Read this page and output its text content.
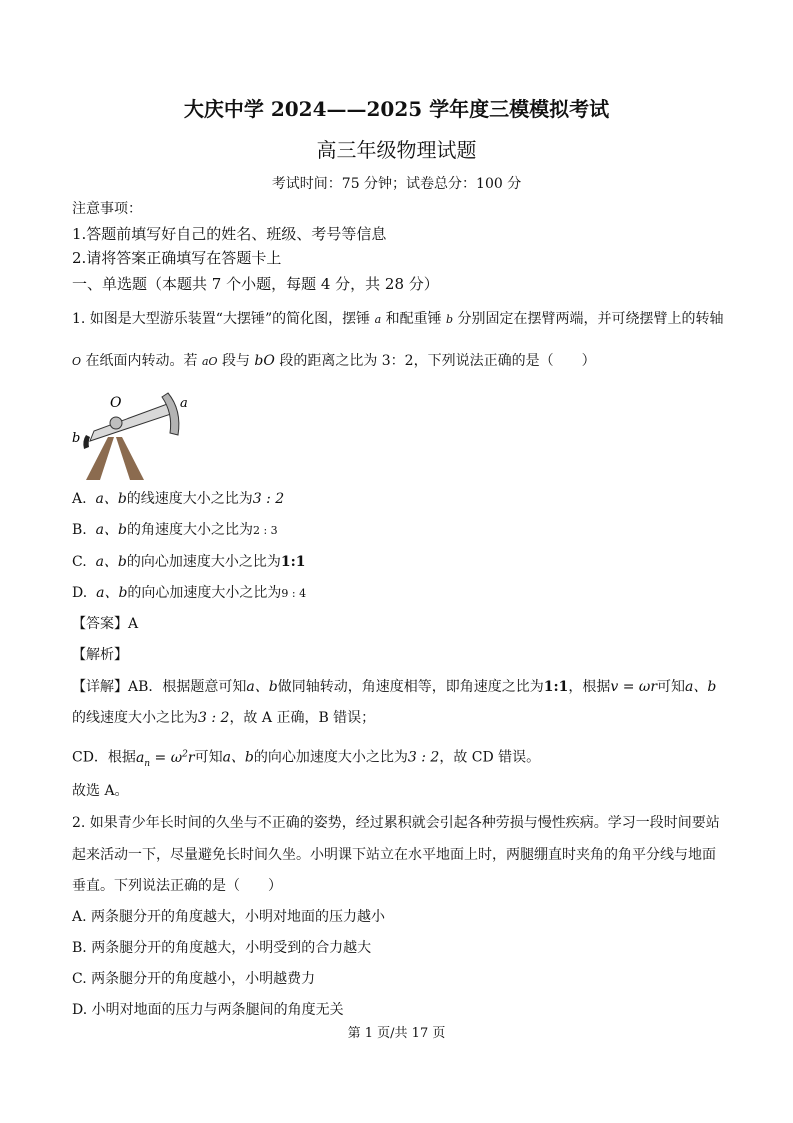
大庆中学 2024——2025 学年度三模模拟考试
高三年级物理试题
考试时间：75 分钟；试卷总分：100 分
注意事项：
1.答题前填写好自己的姓名、班级、考号等信息
2.请将答案正确填写在答题卡上
一、单选题（本题共 7 个小题，每题 4 分，共 28 分）
1. 如图是大型游乐装置“大摆锤”的简化图，摆锤 a 和配重锤 b 分别固定在摆臂两端，并可绕摆臂上的转轴
O 在纸面内转动。若 aO 段与 bO 段的距离之比为 3：2，下列说法正确的是（　　）
O	a
b
A. a、b的线速度大小之比为3 : 2
B. a、b的角速度大小之比为2 : 3
C. a、b的向心加速度大小之比为1:1
D. a、b的向心加速度大小之比为9 : 4
【答案】A
【解析】
【详解】AB．根据题意可知a、b做同轴转动，角速度相等，即角速度之比为1:1，根据v = ωr可知a、b
的线速度大小之比为3 : 2，故 A 正确，B 错误；
CD．根据$a_n = \omega^2r$可知a、b的向心加速度大小之比为3 : 2，故 CD 错误。
故选 A。
2. 如果青少年长时间的久坐与不正确的姿势，经过累积就会引起各种劳损与慢性疾病。学习一段时间要站
起来活动一下，尽量避免长时间久坐。小明课下站立在水平地面上时，两腿绷直时夹角的角平分线与地面
垂直。下列说法正确的是（　　）
A. 两条腿分开的角度越大，小明对地面的压力越小
B. 两条腿分开的角度越大，小明受到的合力越大
C. 两条腿分开的角度越小，小明越费力
D. 小明对地面的压力与两条腿间的角度无关
第 1 页/共 17 页
